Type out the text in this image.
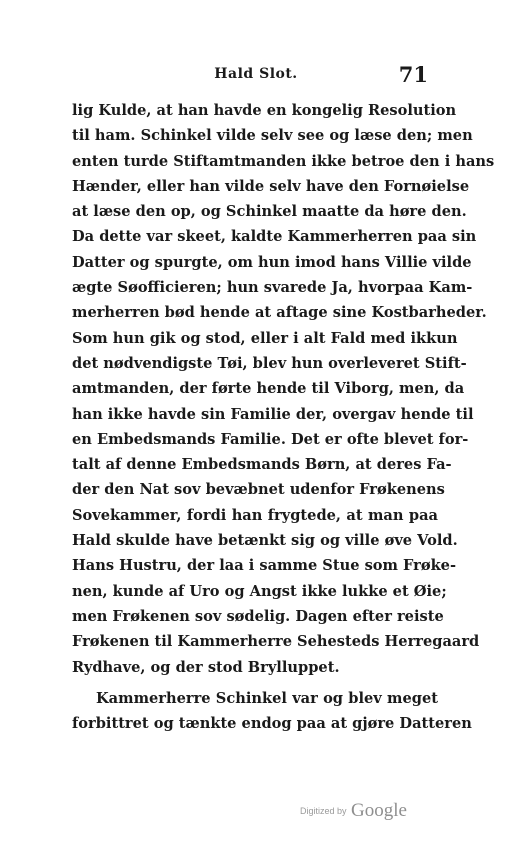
Hald Slot.	71
lig Kulde, at han havde en kongelig Resolution
til ham. Schinkel vilde selv see og læse den; men
enten turde Stiftamtmanden ikke betroe den i hans
Hænder, eller han vilde selv have den Fornøielse
at læse den op, og Schinkel maatte da høre den.
Da dette var skeet, kaldte Kammerherren paa sin
Datter og spurgte, om hun imod hans Villie vilde
ægte Søofficieren; hun svarede Ja, hvorpaa Kam-
merherren bød hende at aftage sine Kostbarheder.
Som hun gik og stod, eller i alt Fald med ikkun
det nødvendigste Tøi, blev hun overleveret Stift-
amtmanden, der førte hende til Viborg, men, da
han ikke havde sin Familie der, overgav hende til
en Embedsmands Familie. Det er ofte blevet for-
talt af denne Embedsmands Børn, at deres Fa-
der den Nat sov bevæbnet udenfor Frøkenens
Sovekammer, fordi han frygtede, at man paa
Hald skulde have betænkt sig og ville øve Vold.
Hans Hustru, der laa i samme Stue som Frøke-
nen, kunde af Uro og Angst ikke lukke et Øie;
men Frøkenen sov sødelig. Dagen efter reiste
Frøkenen til Kammerherre Sehesteds Herregaard
Rydhave, og der stod Brylluppet.
Kammerherre Schinkel var og blev meget
forbittret og tænkte endog paa at gjøre Datteren
Digitized by Google
